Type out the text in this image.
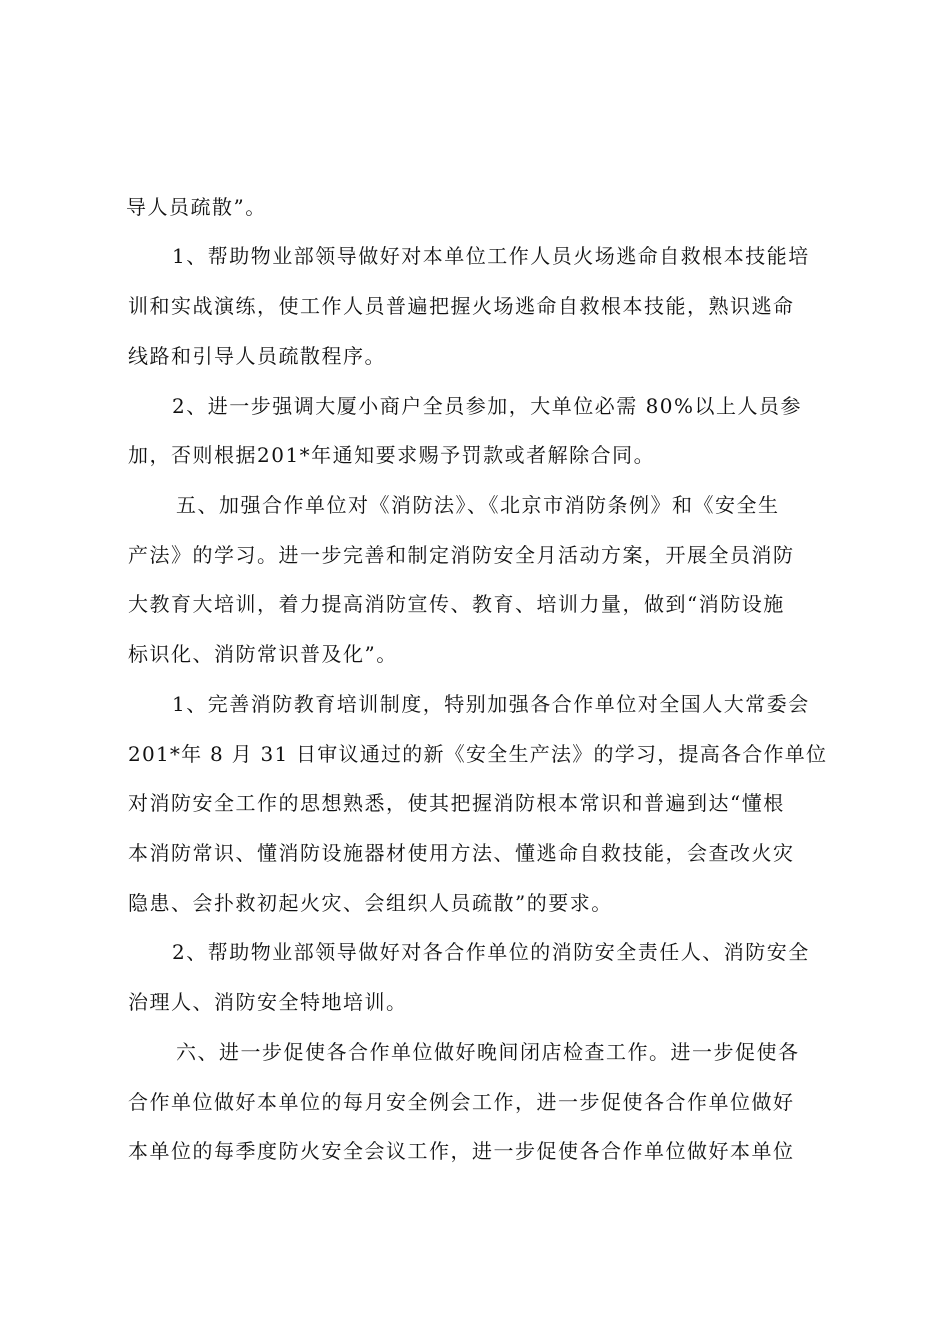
导人员疏散”。
1、帮助物业部领导做好对本单位工作人员火场逃命自救根本技能培
训和实战演练，使工作人员普遍把握火场逃命自救根本技能，熟识逃命
线路和引导人员疏散程序。
2、进一步强调大厦小商户全员参加，大单位必需 80%以上人员参
加，否则根据201*年通知要求赐予罚款或者解除合同。
五、加强合作单位对《消防法》、《北京市消防条例》和《安全生
产法》的学习。进一步完善和制定消防安全月活动方案，开展全员消防
大教育大培训，着力提高消防宣传、教育、培训力量，做到“消防设施
标识化、消防常识普及化”。
1、完善消防教育培训制度，特别加强各合作单位对全国人大常委会
201*年 8 月 31 日审议通过的新《安全生产法》的学习，提高各合作单位
对消防安全工作的思想熟悉，使其把握消防根本常识和普遍到达“懂根
本消防常识、懂消防设施器材使用方法、懂逃命自救技能，会查改火灾
隐患、会扑救初起火灾、会组织人员疏散”的要求。
2、帮助物业部领导做好对各合作单位的消防安全责任人、消防安全
治理人、消防安全特地培训。
六、进一步促使各合作单位做好晚间闭店检查工作。进一步促使各
合作单位做好本单位的每月安全例会工作，进一步促使各合作单位做好
本单位的每季度防火安全会议工作，进一步促使各合作单位做好本单位
